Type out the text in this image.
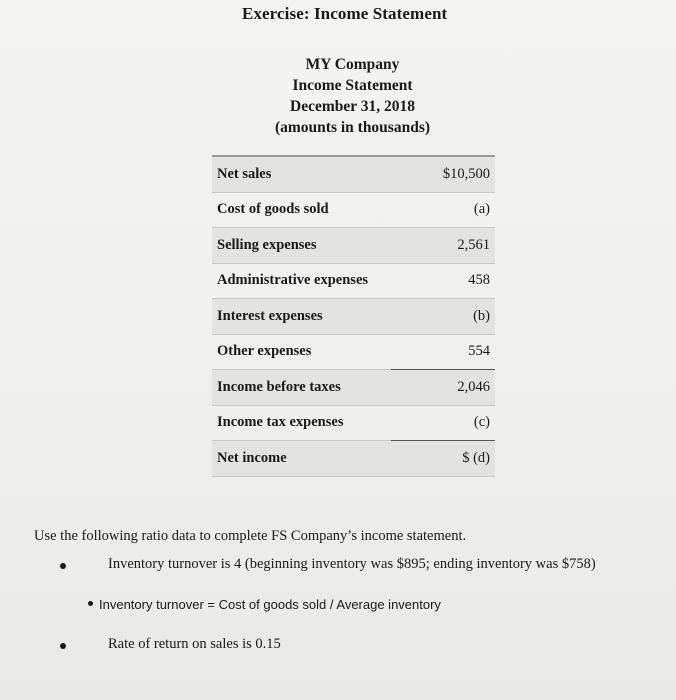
Exercise: Income Statement
MY Company
Income Statement
December 31, 2018
(amounts in thousands)
Net sales	$10,500
Cost of goods sold	(a)
Selling expenses	2,561
Administrative expenses	458
Interest expenses	(b)
Other expenses	554
Income before taxes	2,046
Income tax expenses	(c)
Net income	$ (d)
Use the following ratio data to complete FS Company’s income statement.
Inventory turnover is 4 (beginning inventory was $895; ending inventory was $758)
Inventory turnover = Cost of goods sold / Average inventory
Rate of return on sales is 0.15
